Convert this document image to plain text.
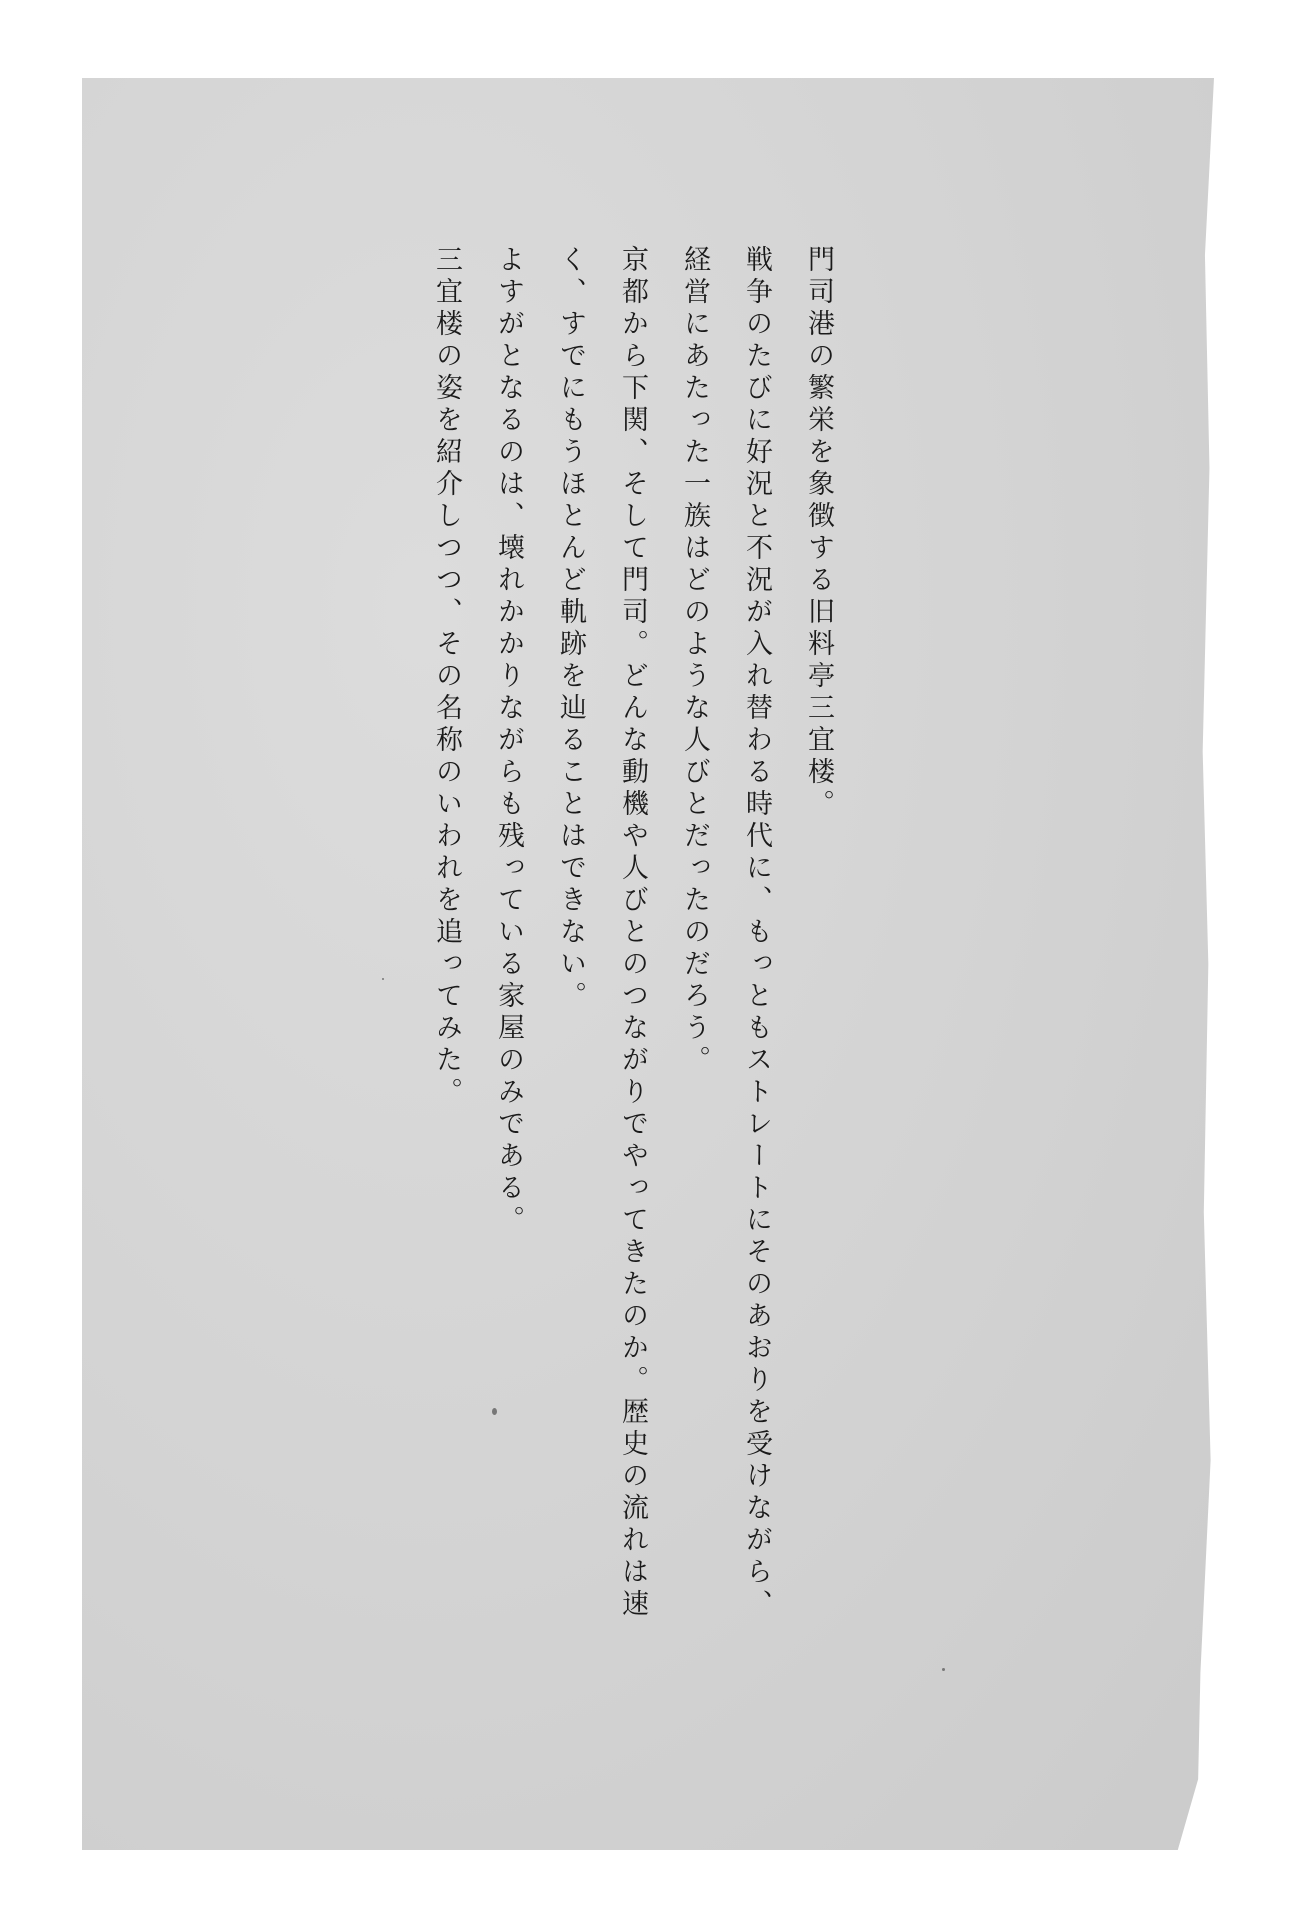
門司港の繁栄を象徴する旧料亭三宜楼。

戦争のたびに好況と不況が入れ替わる時代に、もっともストレートにそのあおりを受けながら、経営にあたった一族はどのような人びとだったのだろう。

京都から下関、そして門司。どんな動機や人びとのつながりでやってきたのか。歴史の流れは速く、すでにもうほとんど軌跡を辿ることはできない。

よすがとなるのは、壊れかかりながらも残っている家屋のみである。

三宜楼の姿を紹介しつつ、その名称のいわれを追ってみた。
